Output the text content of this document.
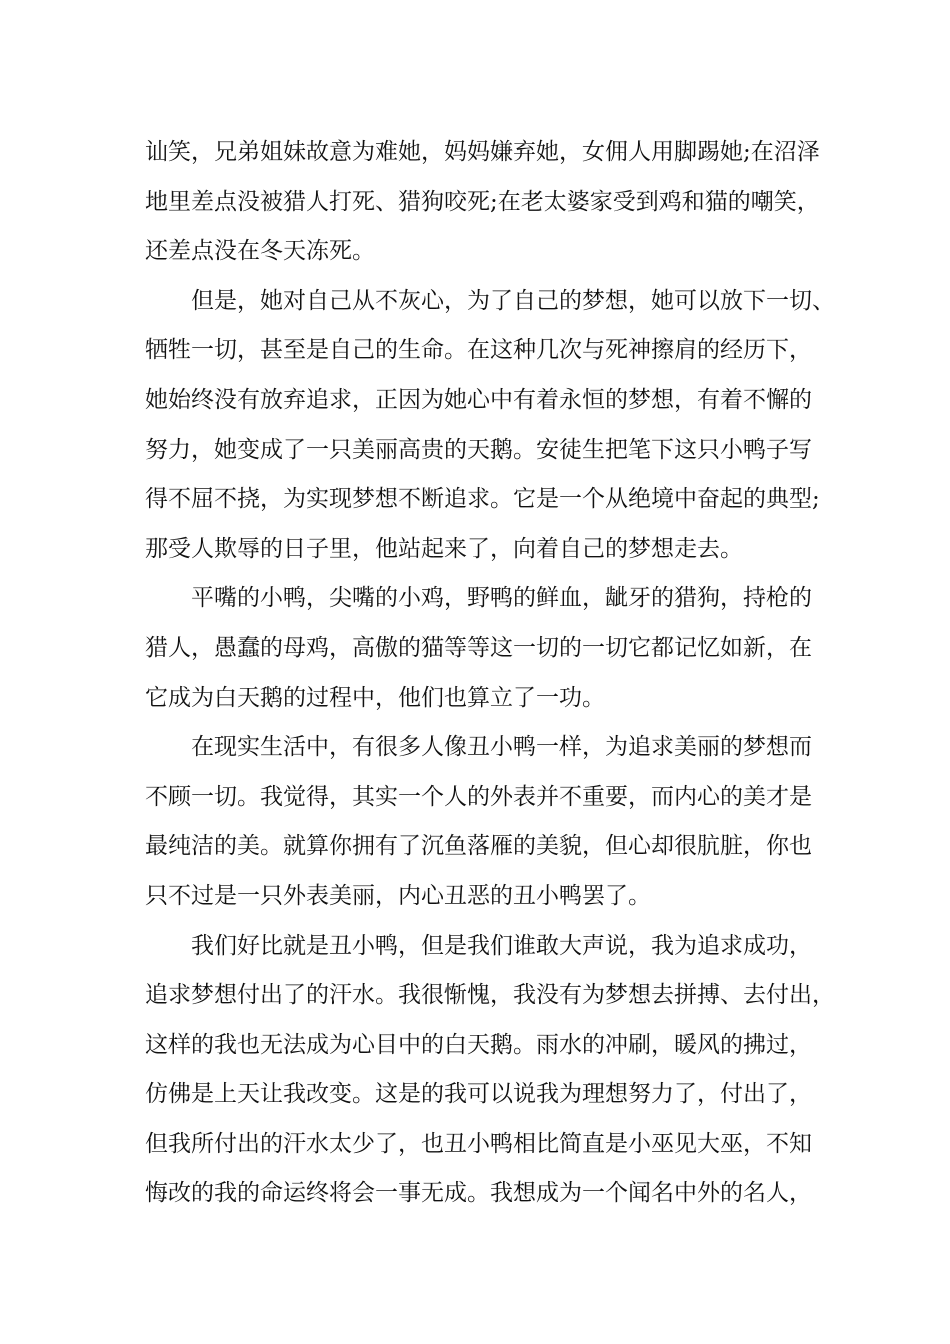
讪笑，兄弟姐妹故意为难她，妈妈嫌弃她，女佣人用脚踢她;在沼泽
地里差点没被猎人打死、猎狗咬死;在老太婆家受到鸡和猫的嘲笑，
还差点没在冬天冻死。
但是，她对自己从不灰心，为了自己的梦想，她可以放下一切、
牺牲一切，甚至是自己的生命。在这种几次与死神擦肩的经历下，
她始终没有放弃追求，正因为她心中有着永恒的梦想，有着不懈的
努力，她变成了一只美丽高贵的天鹅。安徒生把笔下这只小鸭子写
得不屈不挠，为实现梦想不断追求。它是一个从绝境中奋起的典型;
那受人欺辱的日子里，他站起来了，向着自己的梦想走去。
平嘴的小鸭，尖嘴的小鸡，野鸭的鲜血，龇牙的猎狗，持枪的
猎人，愚蠢的母鸡，高傲的猫等等这一切的一切它都记忆如新，在
它成为白天鹅的过程中，他们也算立了一功。
在现实生活中，有很多人像丑小鸭一样，为追求美丽的梦想而
不顾一切。我觉得，其实一个人的外表并不重要，而内心的美才是
最纯洁的美。就算你拥有了沉鱼落雁的美貌，但心却很肮脏，你也
只不过是一只外表美丽，内心丑恶的丑小鸭罢了。
我们好比就是丑小鸭，但是我们谁敢大声说，我为追求成功，
追求梦想付出了的汗水。我很惭愧，我没有为梦想去拼搏、去付出，
这样的我也无法成为心目中的白天鹅。雨水的冲刷，暖风的拂过，
仿佛是上天让我改变。这是的我可以说我为理想努力了，付出了，
但我所付出的汗水太少了，也丑小鸭相比简直是小巫见大巫，不知
悔改的我的命运终将会一事无成。我想成为一个闻名中外的名人，
